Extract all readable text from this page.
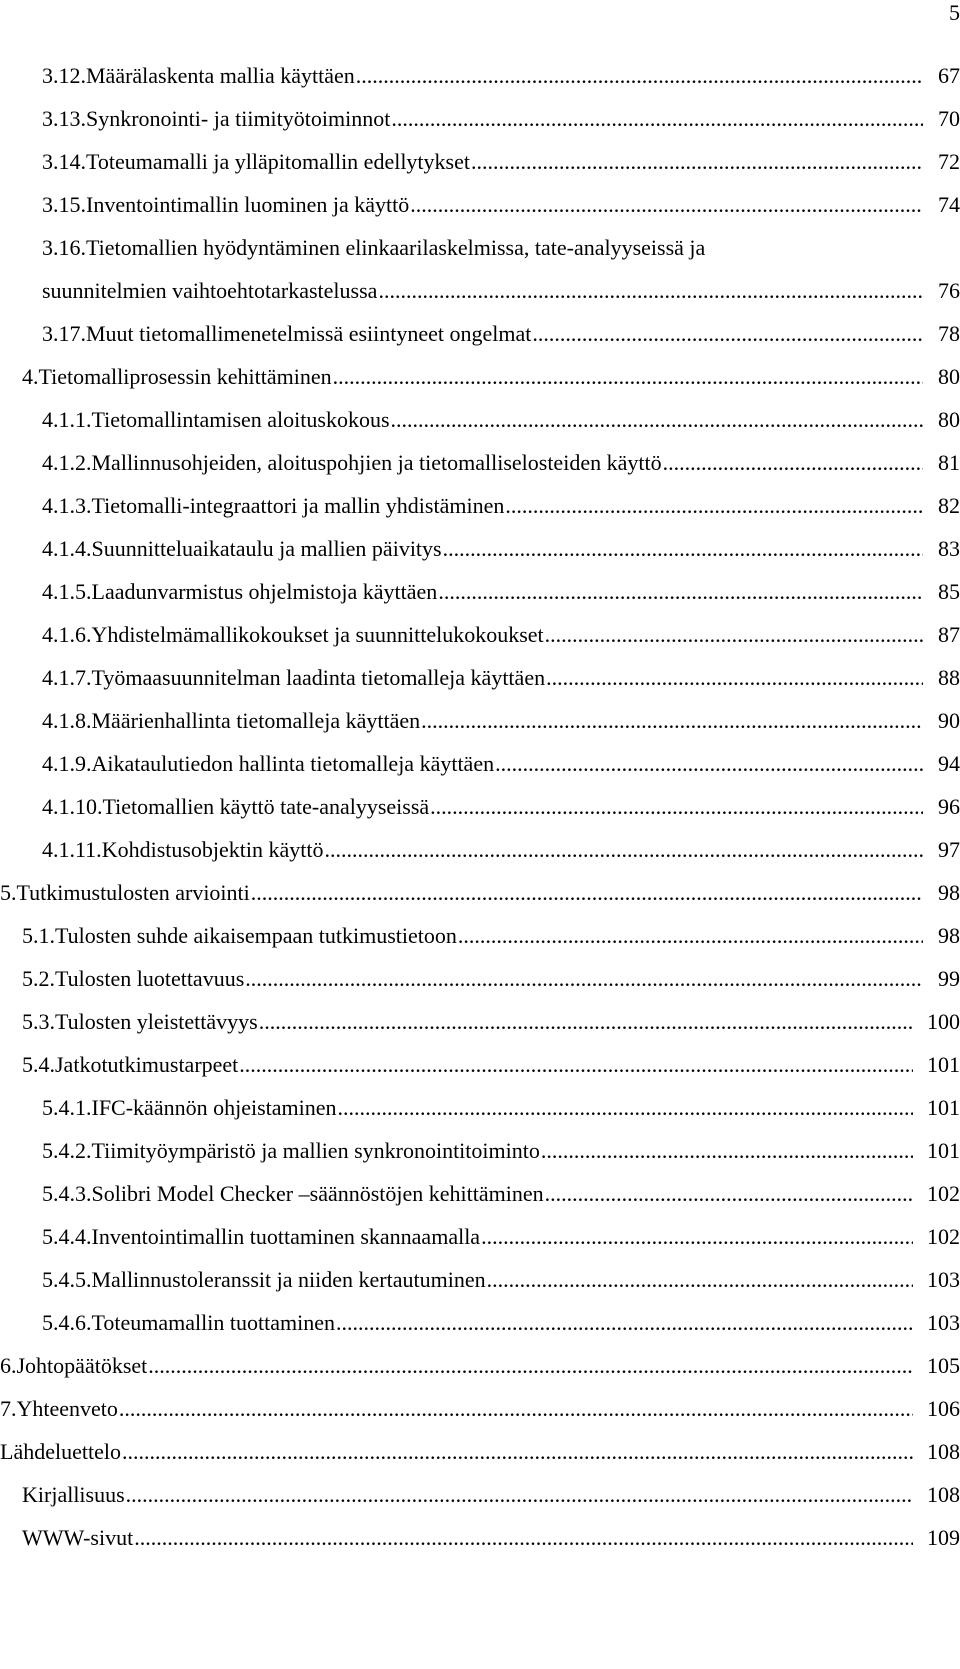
5
3.12. Määrälaskenta mallia käyttäen .....	67
3.13. Synkronointi- ja tiimityötoiminnot .....	70
3.14. Toteumamalli ja ylläpitomallin edellytykset .....	72
3.15. Inventointimallin luominen ja käyttö .....	74
3.16. Tietomallien hyödyntäminen elinkaarilaskelmissa, tate-analyyseissä ja
suunnitelmien vaihtoehtotarkastelussa .....	76
3.17. Muut tietomallimenetelmissä esiintyneet ongelmat .....	78
4. Tietomalliprosessin kehittäminen .....	80
4.1.1. Tietomallintamisen aloituskokous .....	80
4.1.2. Mallinnusohjeiden, aloituspohjien ja tietomalliselosteiden käyttö .....	81
4.1.3. Tietomalli-integraattori ja mallin yhdistäminen .....	82
4.1.4. Suunnitteluaikataulu ja mallien päivitys .....	83
4.1.5. Laadunvarmistus ohjelmistoja käyttäen .....	85
4.1.6. Yhdistelmämallikokoukset ja suunnittelukokoukset .....	87
4.1.7. Työmaasuunnitelman laadinta tietomalleja käyttäen .....	88
4.1.8. Määrienhallinta tietomalleja käyttäen .....	90
4.1.9. Aikataulutiedon hallinta tietomalleja käyttäen .....	94
4.1.10. Tietomallien käyttö tate-analyyseissä .....	96
4.1.11. Kohdistusobjektin käyttö .....	97
5. Tutkimustulosten arviointi .....	98
5.1. Tulosten suhde aikaisempaan tutkimustietoon .....	98
5.2. Tulosten luotettavuus .....	99
5.3. Tulosten yleistettävyys .....	100
5.4. Jatkotutkimustarpeet .....	101
5.4.1. IFC-käännön ohjeistaminen .....	101
5.4.2. Tiimityöympäristö ja mallien synkronointitoiminto .....	101
5.4.3. Solibri Model Checker –säännöstöjen kehittäminen .....	102
5.4.4. Inventointimallin tuottaminen skannaamalla .....	102
5.4.5. Mallinnustoleranssit ja niiden kertautuminen .....	103
5.4.6. Toteumamallin tuottaminen .....	103
6. Johtopäätökset .....	105
7. Yhteenveto .....	106
Lähdeluettelo .....	108
Kirjallisuus .....	108
WWW-sivut .....	109
